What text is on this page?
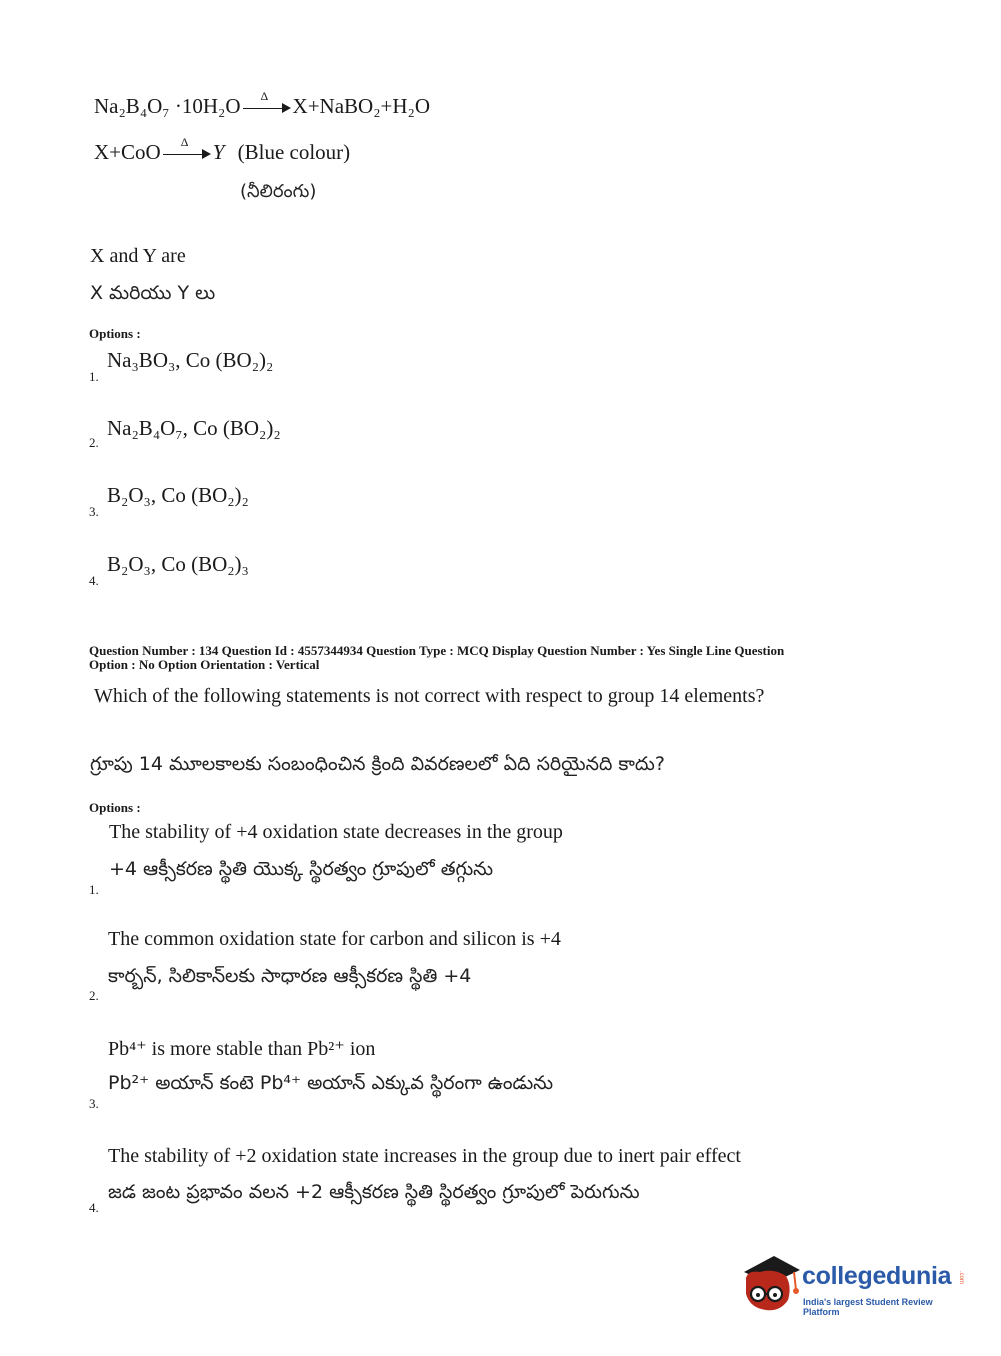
Na₂B₄O₇ ·10H₂O Δ X+NaBO₂+H₂O
X+CoO Δ Y (Blue colour)
(నీలిరంగు)
X and Y are
X మరియు Y లు
Options :
Na₃BO₃, Co (BO₂)₂
1.
Na₂B₄O₇, Co (BO₂)₂
2.
B₂O₃, Co (BO₂)₂
3.
B₂O₃, Co (BO₂)₃
4.
Question Number : 134 Question Id : 4557344934 Question Type : MCQ Display Question Number : Yes Single Line Question
Option : No Option Orientation : Vertical
Which of the following statements is not correct with respect to group 14 elements?
గ్రూపు 14 మూలకాలకు సంబంధించిన క్రింది వివరణలలో ఏది సరియైనది కాదు?
Options :
The stability of +4 oxidation state decreases in the group
+4 ఆక్సీకరణ స్థితి యొక్క స్థిరత్వం గ్రూపులో తగ్గును
1.
The common oxidation state for carbon and silicon is +4
కార్బన్, సిలికాన్‌లకు సాధారణ ఆక్సీకరణ స్థితి +4
2.
Pb⁴⁺ is more stable than Pb²⁺ ion
Pb²⁺ అయాన్ కంటె Pb⁴⁺ అయాన్ ఎక్కువ స్థిరంగా ఉండును
3.
The stability of +2 oxidation state increases in the group due to inert pair effect
జడ జంట ప్రభావం వలన +2 ఆక్సీకరణ స్థితి స్థిరత్వం గ్రూపులో పెరుగును
4.
collegedunia .com
India's largest Student Review Platform
